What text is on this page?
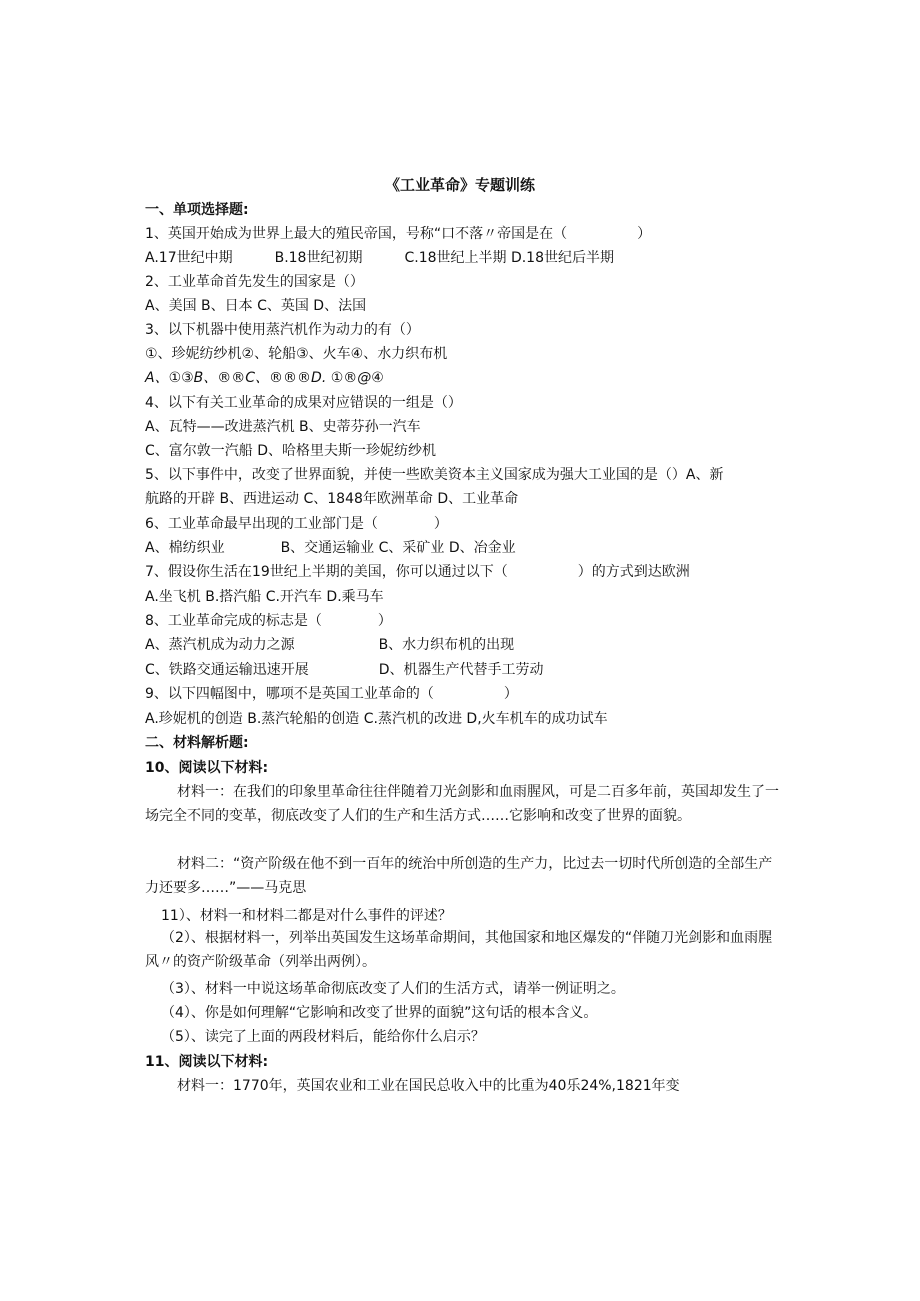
《工业革命》专题训练
一、单项选择题:
1、英国开始成为世界上最大的殖民帝国，号称“口不落〃帝国是在（　　　　　）
A.17世纪中期　　　B.18世纪初期　　　C.18世纪上半期 D.18世纪后半期
2、工业革命首先发生的国家是（）
A、美国 B、日本 C、英国 D、法国
3、以下机器中使用蒸汽机作为动力的有（）
①、珍妮纺纱机②、轮船③、火车④、水力织布机
A、①③B、®®C、®®®D. ①®@④
4、以下有关工业革命的成果对应错误的一组是（）
A、瓦特——改进蒸汽机 B、史蒂芬孙一汽车
C、富尔敦一汽船 D、哈格里夫斯一珍妮纺纱机
5、以下事件中，改变了世界面貌，并使一些欧美资本主义国家成为强大工业国的是（）A、新
航路的开辟 B、西进运动 C、1848年欧洲革命 D、工业革命
6、工业革命最早出现的工业部门是（　　　　）
A、棉纺织业　　　　B、交通运输业 C、采矿业 D、冶金业
7、假设你生活在19世纪上半期的美国，你可以通过以下（　　　　　）的方式到达欧洲
A.坐飞机 B.搭汽船 C.开汽车 D.乘马车
8、工业革命完成的标志是（　　　　）
A、蒸汽机成为动力之源　　　　　　B、水力织布机的出现
C、铁路交通运输迅速开展　　　　　D、机器生产代替手工劳动
9、以下四幅图中，哪项不是英国工业革命的（　　　　　）
A.珍妮机的创造 B.蒸汽轮船的创造 C.蒸汽机的改进 D,火车机车的成功试车
二、材料解析题:
10、阅读以下材料:
材料一：在我们的印象里革命往往伴随着刀光剑影和血雨腥风，可是二百多年前，英国却发生了一场完全不同的变革，彻底改变了人们的生产和生活方式……它影响和改变了世界的面貌。
材料二：“资产阶级在他不到一百年的统治中所创造的生产力，比过去一切时代所创造的全部生产力还要多……”——马克思
11）、材料一和材料二都是对什么事件的评述？
（2）、根据材料一，列举出英国发生这场革命期间，其他国家和地区爆发的“伴随刀光剑影和血雨腥风〃的资产阶级革命（列举出两例）。
（3）、材料一中说这场革命彻底改变了人们的生活方式，请举一例证明之。
（4）、你是如何理解“它影响和改变了世界的面貌”这句话的根本含义。
（5）、读完了上面的两段材料后，能给你什么启示？
11、阅读以下材料:
材料一：1770年，英国农业和工业在国民总收入中的比重为40乐24%,1821年变
